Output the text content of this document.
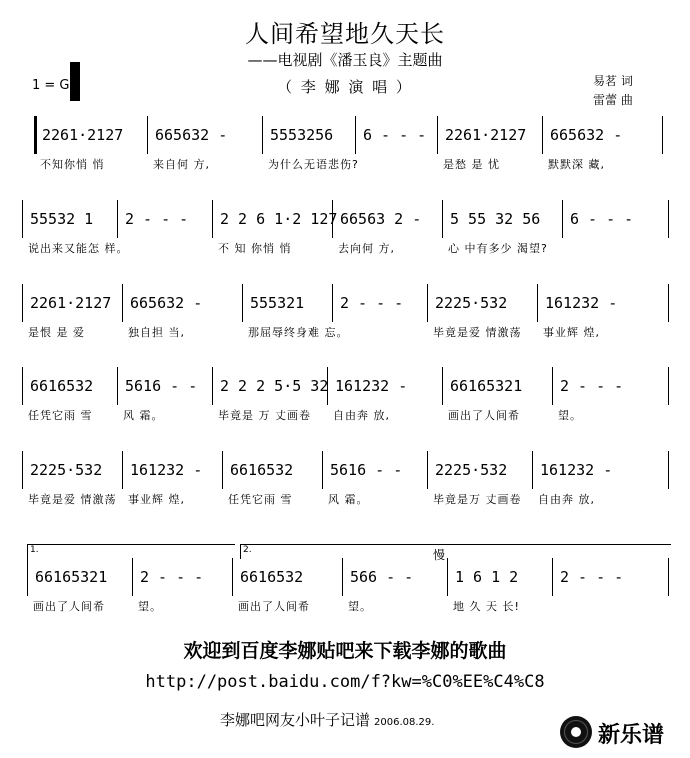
人间希望地久天长
——电视剧《潘玉良》主题曲
（ 李 娜 演 唱 ）	易茗 词
雷蕾 曲
1 = G
2261·2127
不知你悄 悄
665632 -
来自何 方,
5553256
为什么无语悲伤?
6 - - - 2261·2127
是愁 是 忧
665632 -
默默深 藏,
55532 1
说出来又能怎 样。
2 - - - 2 2 6 1·2 127
不 知 你悄 悄
66563 2 -
去向何 方,
5 55 32 56
心 中有多少 渴望?
6 - - -
2261·2127
是恨 是 爱
665632 -
独自担 当,
555321
那屈辱终身难 忘。
2 - - - 2225·532
毕竟是爱 情激荡
161232 -
事业辉 煌,
6616532
任凭它雨 雪
5616 - -
风 霜。
2 2 2 5·5 32
毕竟是 万 丈画卷
161232 -
自由奔 放,
66165321
画出了人间希
2 - - -
望。
2225·532
毕竟是爱 情激荡
161232 -
事业辉 煌,
6616532
任凭它雨 雪
5616 - -
风 霜。
2225·532
毕竟是万 丈画卷
161232 -
自由奔 放,
66165321
画出了人间希
2 - - -
望。
6616532
画出了人间希
566 - -
望。
1 6 1 2
地 久 天 长!
2 - - -
1.	2.	慢
欢迎到百度李娜贴吧来下载李娜的歌曲
http://post.baidu.com/f?kw=%C0%EE%C4%C8
李娜吧网友小叶子记谱 2006.08.29.
新乐谱
